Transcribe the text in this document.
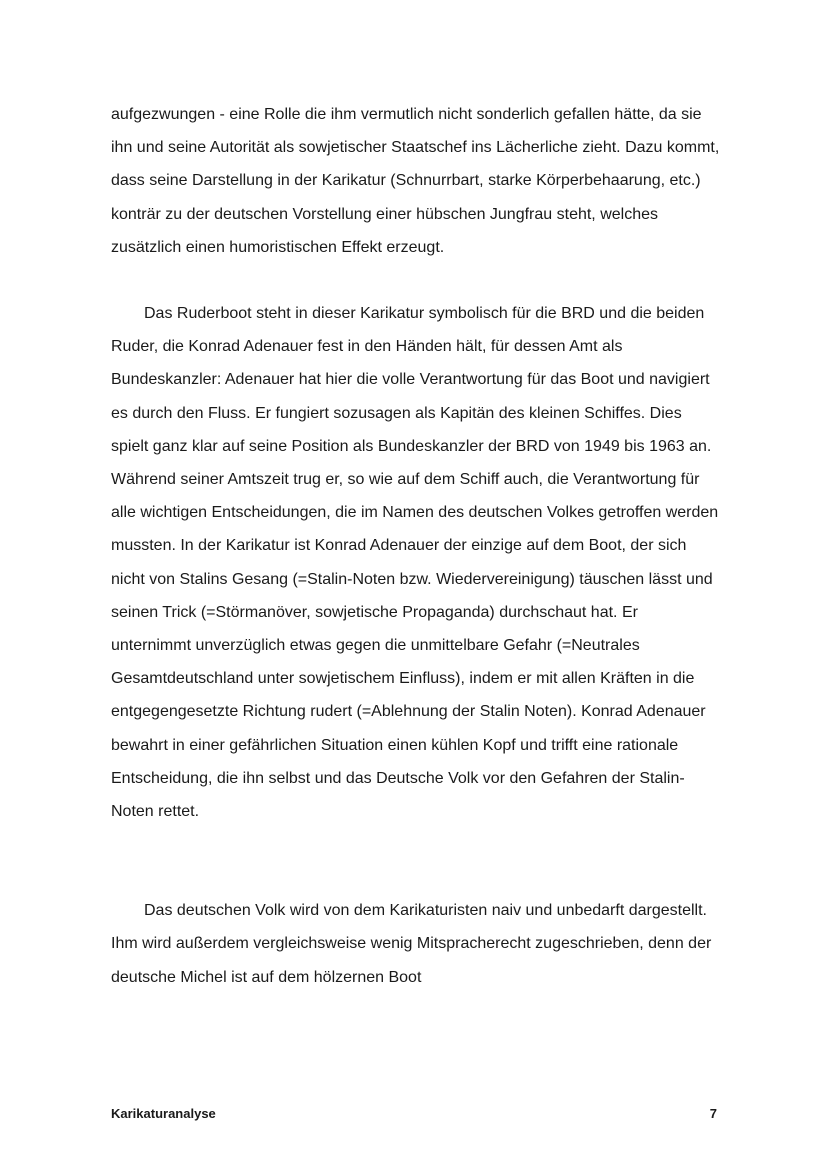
aufgezwungen - eine Rolle die ihm vermutlich nicht sonderlich gefallen hätte, da sie ihn und seine Autorität als sowjetischer Staatschef ins Lächerliche zieht. Dazu kommt, dass seine Darstellung in der Karikatur (Schnurrbart, starke Körperbehaarung, etc.) konträr zu der deutschen Vorstellung einer hübschen Jungfrau steht, welches zusätzlich einen humoristischen Effekt erzeugt.

Das Ruderboot steht in dieser Karikatur symbolisch für die BRD und die beiden Ruder, die Konrad Adenauer fest in den Händen hält, für dessen Amt als Bundeskanzler: Adenauer hat hier die volle Verantwortung für das Boot und navigiert es durch den Fluss. Er fungiert sozusagen als Kapitän des kleinen Schiffes. Dies spielt ganz klar auf seine Position als Bundeskanzler der BRD von 1949 bis 1963 an. Während seiner Amtszeit trug er, so wie auf dem Schiff auch, die Verantwortung für alle wichtigen Entscheidungen, die im Namen des deutschen Volkes getroffen werden mussten. In der Karikatur ist Konrad Adenauer der einzige auf dem Boot, der sich nicht von Stalins Gesang (=Stalin-Noten bzw. Wiedervereinigung) täuschen lässt und seinen Trick (=Störmanöver, sowjetische Propaganda) durchschaut hat. Er unternimmt unverzüglich etwas gegen die unmittelbare Gefahr (=Neutrales Gesamtdeutschland unter sowjetischem Einfluss), indem er mit allen Kräften in die entgegengesetzte Richtung rudert (=Ablehnung der Stalin Noten). Konrad Adenauer bewahrt in einer gefährlichen Situation einen kühlen Kopf und trifft eine rationale Entscheidung, die ihn selbst und das Deutsche Volk vor den Gefahren der Stalin-Noten rettet.

Das deutschen Volk wird von dem Karikaturisten naiv und unbedarft dargestellt. Ihm wird außerdem vergleichsweise wenig Mitspracherecht zugeschrieben, denn der deutsche Michel ist auf dem hölzernen Boot

Karikaturanalyse	7
